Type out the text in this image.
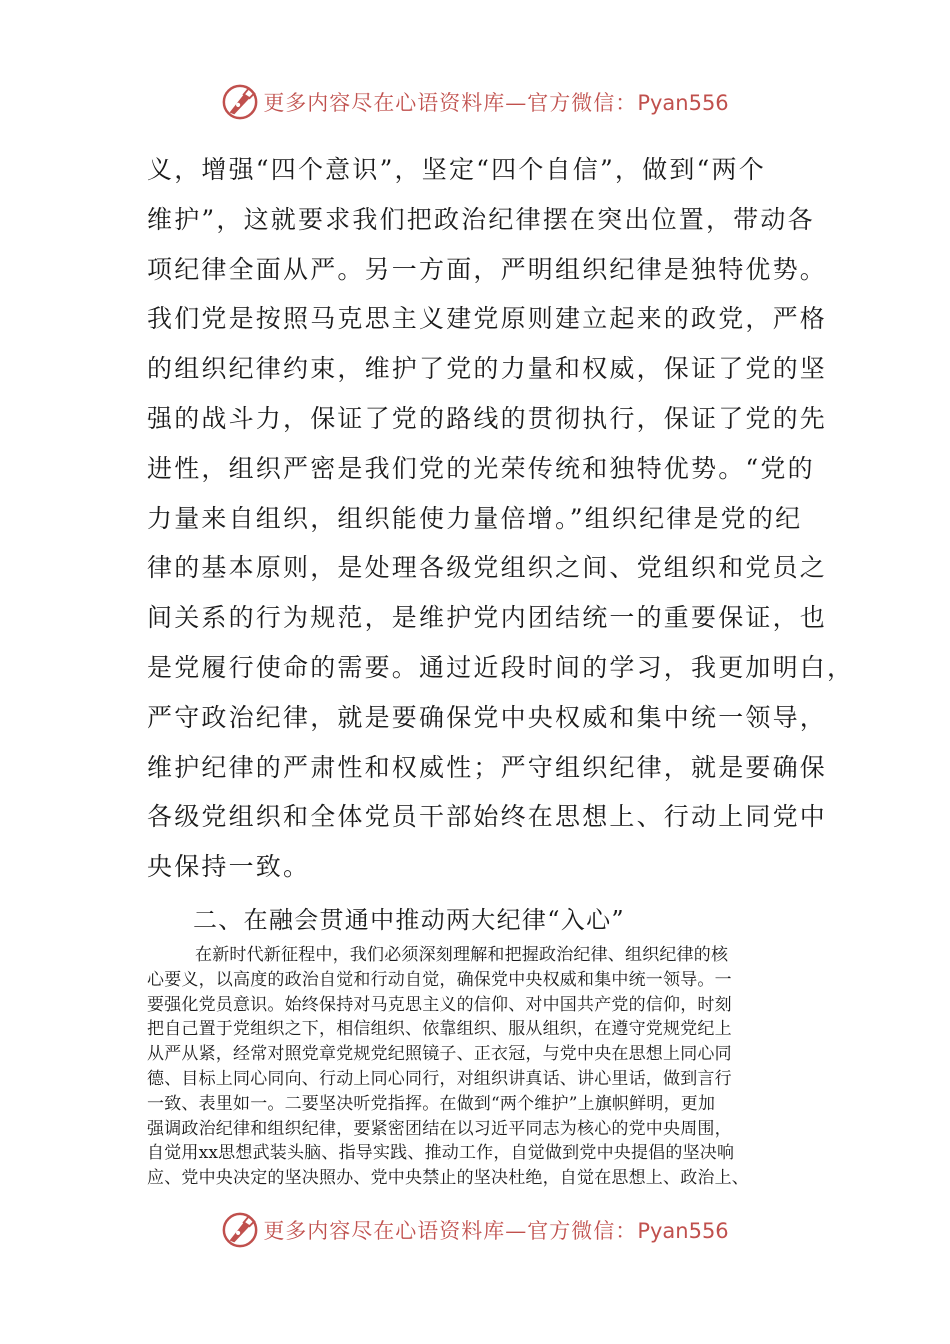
更多内容尽在心语资料库—官方微信：Pyan556
义，增强“四个意识”，坚定“四个自信”，做到“两个
维护”，这就要求我们把政治纪律摆在突出位置，带动各
项纪律全面从严。另一方面，严明组织纪律是独特优势。
我们党是按照马克思主义建党原则建立起来的政党，严格
的组织纪律约束，维护了党的力量和权威，保证了党的坚
强的战斗力，保证了党的路线的贯彻执行，保证了党的先
进性，组织严密是我们党的光荣传统和独特优势。“党的
力量来自组织，组织能使力量倍增。”组织纪律是党的纪
律的基本原则，是处理各级党组织之间、党组织和党员之
间关系的行为规范，是维护党内团结统一的重要保证，也
是党履行使命的需要。通过近段时间的学习，我更加明白，
严守政治纪律，就是要确保党中央权威和集中统一领导，
维护纪律的严肃性和权威性；严守组织纪律，就是要确保
各级党组织和全体党员干部始终在思想上、行动上同党中
央保持一致。
二、在融会贯通中推动两大纪律“入心”
在新时代新征程中，我们必须深刻理解和把握政治纪律、组织纪律的核
心要义，以高度的政治自觉和行动自觉，确保党中央权威和集中统一领导。一
要强化党员意识。始终保持对马克思主义的信仰、对中国共产党的信仰，时刻
把自己置于党组织之下，相信组织、依靠组织、服从组织，在遵守党规党纪上
从严从紧，经常对照党章党规党纪照镜子、正衣冠，与党中央在思想上同心同
德、目标上同心同向、行动上同心同行，对组织讲真话、讲心里话，做到言行
一致、表里如一。二要坚决听党指挥。在做到“两个维护”上旗帜鲜明，更加
强调政治纪律和组织纪律，要紧密团结在以习近平同志为核心的党中央周围，
自觉用xx思想武装头脑、指导实践、推动工作，自觉做到党中央提倡的坚决响
应、党中央决定的坚决照办、党中央禁止的坚决杜绝，自觉在思想上、政治上、
更多内容尽在心语资料库—官方微信：Pyan556
